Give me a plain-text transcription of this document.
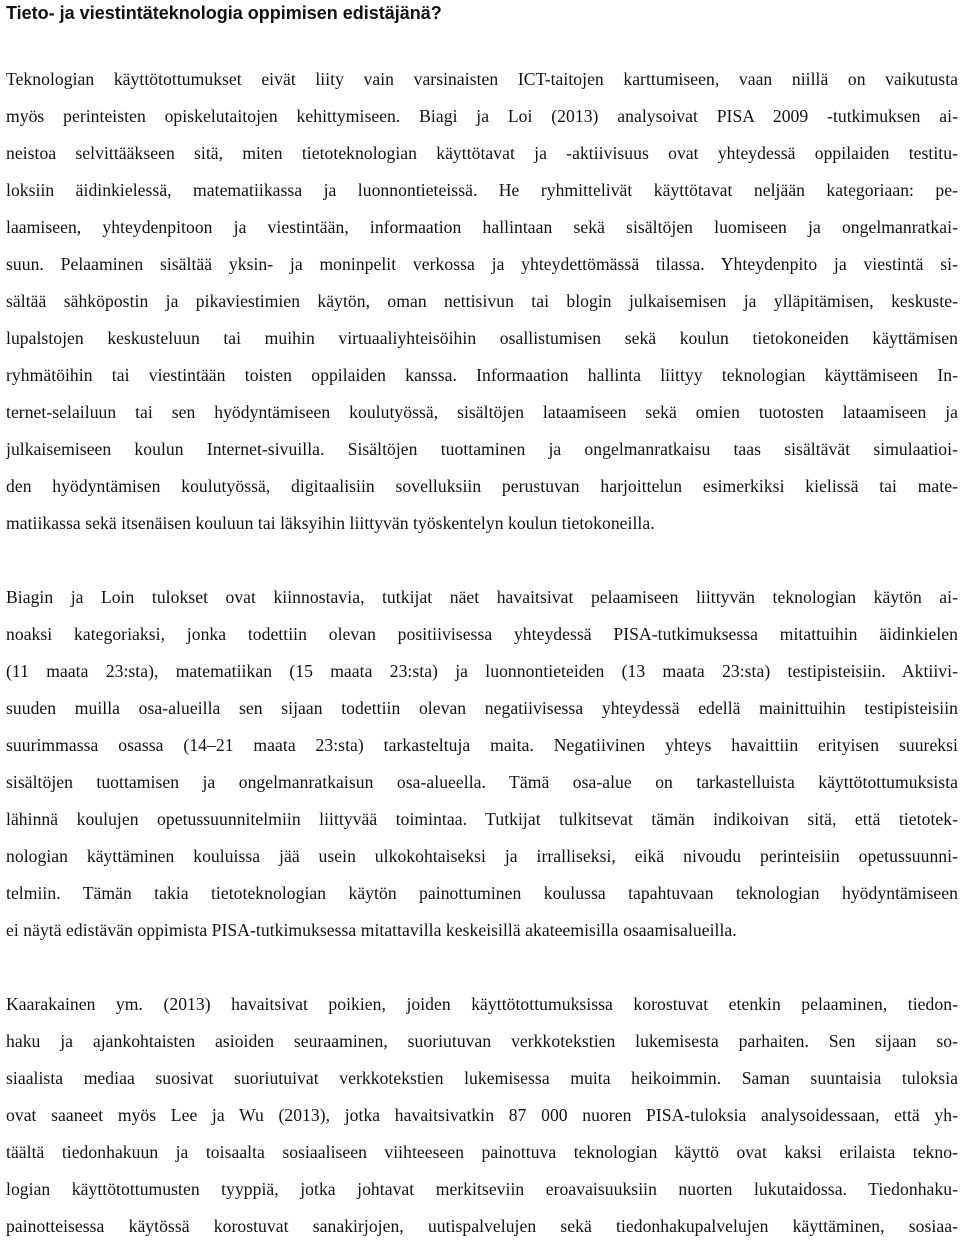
Tieto- ja viestintäteknologia oppimisen edistäjänä?

Teknologian käyttötottumukset eivät liity vain varsinaisten ICT-taitojen karttumiseen, vaan niillä on vaikutusta
myös perinteisten opiskelutaitojen kehittymiseen. Biagi ja Loi (2013) analysoivat PISA 2009 -tutkimuksen ai-
neistoa selvittääkseen sitä, miten tietoteknologian käyttötavat ja -aktiivisuus ovat yhteydessä oppilaiden testitu-
loksiin äidinkielessä, matematiikassa ja luonnontieteissä. He ryhmittelivät käyttötavat neljään kategoriaan: pe-
laamiseen, yhteydenpitoon ja viestintään, informaation hallintaan sekä sisältöjen luomiseen ja ongelmanratkai-
suun. Pelaaminen sisältää yksin- ja moninpelit verkossa ja yhteydettömässä tilassa. Yhteydenpito ja viestintä si-
sältää sähköpostin ja pikaviestimien käytön, oman nettisivun tai blogin julkaisemisen ja ylläpitämisen, keskuste-
lupalstojen keskusteluun tai muihin virtuaaliyhteisöihin osallistumisen sekä koulun tietokoneiden käyttämisen
ryhmätöihin tai viestintään toisten oppilaiden kanssa. Informaation hallinta liittyy teknologian käyttämiseen In-
ternet-selailuun tai sen hyödyntämiseen koulutyössä, sisältöjen lataamiseen sekä omien tuotosten lataamiseen ja
julkaisemiseen koulun Internet-sivuilla. Sisältöjen tuottaminen ja ongelmanratkaisu taas sisältävät simulaatioi-
den hyödyntämisen koulutyössä, digitaalisiin sovelluksiin perustuvan harjoittelun esimerkiksi kielissä tai mate-
matiikassa sekä itsenäisen kouluun tai läksyihin liittyvän työskentelyn koulun tietokoneilla.

Biagin ja Loin tulokset ovat kiinnostavia, tutkijat näet havaitsivat pelaamiseen liittyvän teknologian käytön ai-
noaksi kategoriaksi, jonka todettiin olevan positiivisessa yhteydessä PISA-tutkimuksessa mitattuihin äidinkielen
(11 maata 23:sta), matematiikan (15 maata 23:sta) ja luonnontieteiden (13 maata 23:sta) testipisteisiin. Aktiivi-
suuden muilla osa-alueilla sen sijaan todettiin olevan negatiivisessa yhteydessä edellä mainittuihin testipisteisiin
suurimmassa osassa (14–21 maata 23:sta) tarkasteltuja maita. Negatiivinen yhteys havaittiin erityisen suureksi
sisältöjen tuottamisen ja ongelmanratkaisun osa-alueella. Tämä osa-alue on tarkastelluista käyttötottumuksista
lähinnä koulujen opetussuunnitelmiin liittyvää toimintaa. Tutkijat tulkitsevat tämän indikoivan sitä, että tietotek-
nologian käyttäminen kouluissa jää usein ulkokohtaiseksi ja irralliseksi, eikä nivoudu perinteisiin opetussuunni-
telmiin. Tämän takia tietoteknologian käytön painottuminen koulussa tapahtuvaan teknologian hyödyntämiseen
ei näytä edistävän oppimista PISA-tutkimuksessa mitattavilla keskeisillä akateemisilla osaamisalueilla.

Kaarakainen ym. (2013) havaitsivat poikien, joiden käyttötottumuksissa korostuvat etenkin pelaaminen, tiedon-
haku ja ajankohtaisten asioiden seuraaminen, suoriutuvan verkkotekstien lukemisesta parhaiten. Sen sijaan so-
siaalista mediaa suosivat suoriutuivat verkkotekstien lukemisessa muita heikoimmin. Saman suuntaisia tuloksia
ovat saaneet myös Lee ja Wu (2013), jotka havaitsivatkin 87 000 nuoren PISA-tuloksia analysoidessaan, että yh-
täältä tiedonhakuun ja toisaalta sosiaaliseen viihteeseen painottuva teknologian käyttö ovat kaksi erilaista tekno-
logian käyttötottumusten tyyppiä, jotka johtavat merkitseviin eroavaisuuksiin nuorten lukutaidossa. Tiedonhaku-
painotteisessa käytössä korostuvat sanakirjojen, uutispalvelujen sekä tiedonhakupalvelujen käyttäminen, sosiaa-
